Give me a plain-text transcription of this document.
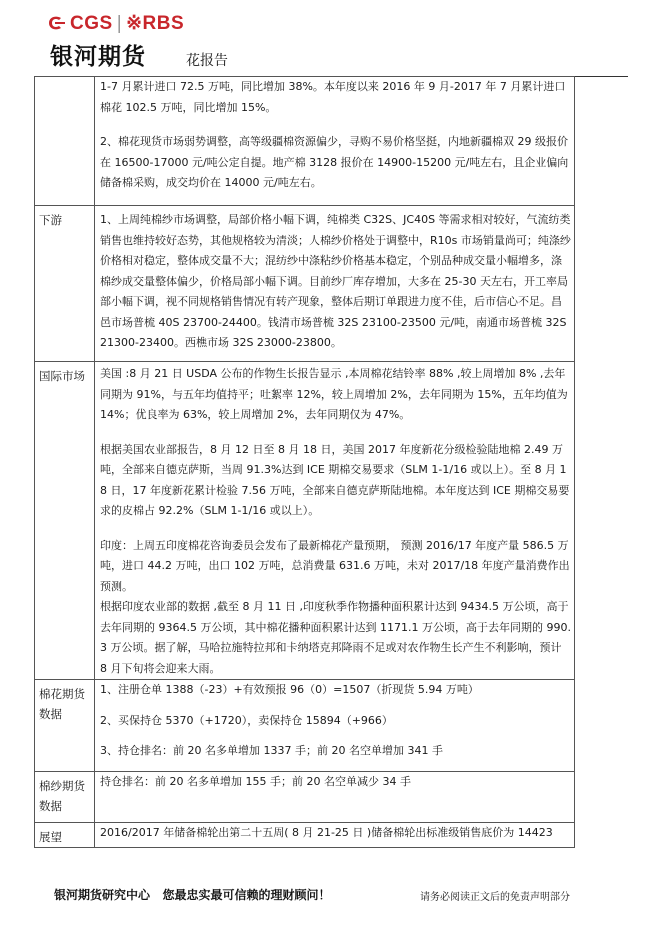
CGS | ※RBS
银河期货	花报告

	1-7 月累计进口 72.5 万吨，同比增加 38%。本年度以来 2016 年 9 月-2017 年 7 月累计进口棉花 102.5 万吨，同比增加 15%。

2、棉花现货市场弱势调整，高等级疆棉资源偏少，寻购不易价格坚挺，内地新疆棉双 29 级报价在 16500-17000 元/吨公定自提。地产棉 3128 报价在 14900-15200 元/吨左右，且企业偏向储备棉采购，成交均价在 14000 元/吨左右。

下游	1、上周纯棉纱市场调整，局部价格小幅下调，纯棉类 C32S、JC40S 等需求相对较好，气流纺类销售也维持较好态势，其他规格较为清淡；人棉纱价格处于调整中，R10s 市场销量尚可；纯涤纱价格相对稳定，整体成交量不大；混纺纱中涤粘纱价格基本稳定，个别品种成交量小幅增多，涤棉纱成交量整体偏少，价格局部小幅下调。目前纱厂库存增加，大多在 25-30 天左右，开工率局部小幅下调，视不同规格销售情况有转产现象，整体后期订单跟进力度不佳，后市信心不足。昌邑市场普梳 40S 23700-24400。钱清市场普梳 32S 23100-23500 元/吨，南通市场普梳 32S 21300-23400。西樵市场 32S 23000-23800。

国际市场	美国 :8 月 21 日 USDA 公布的作物生长报告显示 ,本周棉花结铃率 88% ,较上周增加 8% ,去年同期为 91%，与五年均值持平；吐絮率 12%，较上周增加 2%，去年同期为 15%，五年均值为 14%；优良率为 63%，较上周增加 2%，去年同期仅为 47%。

根据美国农业部报告，8 月 12 日至 8 月 18 日，美国 2017 年度新花分级检验陆地棉 2.49 万吨，全部来自德克萨斯，当周 91.3%达到 ICE 期棉交易要求（SLM 1-1/16 或以上）。至 8 月 18 日，17 年度新花累计检验 7.56 万吨，全部来自德克萨斯陆地棉。本年度达到 ICE 期棉交易要求的皮棉占 92.2%（SLM 1-1/16 或以上）。

印度：上周五印度棉花咨询委员会发布了最新棉花产量预期， 预测 2016/17 年度产量 586.5 万吨，进口 44.2 万吨，出口 102 万吨，总消费量 631.6 万吨，未对 2017/18 年度产量消费作出预测。

根据印度农业部的数据 ,截至 8 月 11 日 ,印度秋季作物播种面积累计达到 9434.5 万公顷，高于去年同期的 9364.5 万公顷，其中棉花播种面积累计达到 1171.1 万公顷，高于去年同期的 990.3 万公顷。据了解，马哈拉施特拉邦和卡纳塔克邦降雨不足或对农作物生长产生不利影响，预计 8 月下旬将会迎来大雨。

棉花期货数据	1、注册仓单 1388（-23）+有效预报 96（0）=1507（折现货 5.94 万吨）

2、买保持仓 5370（+1720），卖保持仓 15894（+966）

3、持仓排名：前 20 名多单增加 1337 手；前 20 名空单增加 341 手

棉纱期货数据	持仓排名：前 20 名多单增加 155 手；前 20 名空单减少 34 手

展望	2016/2017 年储备棉轮出第二十五周( 8 月 21-25 日 )储备棉轮出标准级销售底价为 14423

银河期货研究中心   您最忠实最可信赖的理财顾问！	请务必阅读正文后的免责声明部分
